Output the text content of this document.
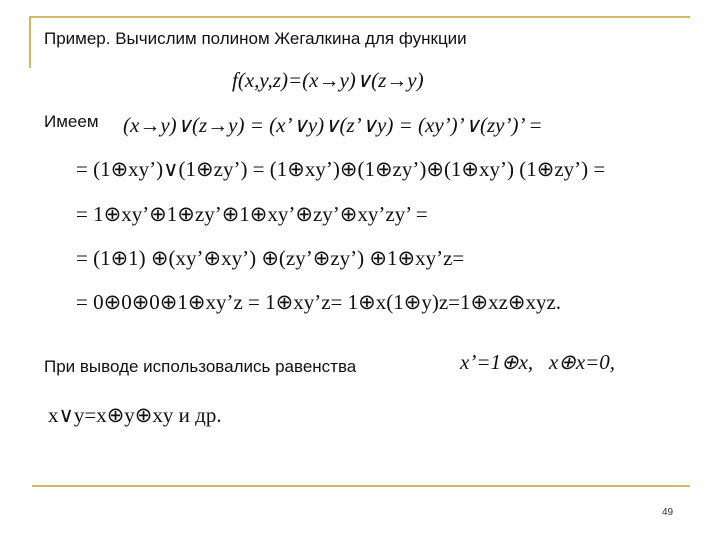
Пример. Вычислим полином Жегалкина для функции
f(x,y,z)=(x→y)∨(z→y)
Имеем (x→y)∨(z→y) = (x’∨y)∨(z’∨y) = (xy’)’∨(zy’)’ =
= (1⊕xy’)∨(1⊕zy’) = (1⊕xy’)⊕(1⊕zy’)⊕(1⊕xy’) (1⊕zy’) =
= 1⊕xy’⊕1⊕zy’⊕1⊕xy’⊕zy’⊕xy’zy’ =
= (1⊕1) ⊕(xy’⊕xy’) ⊕(zy’⊕zy’) ⊕1⊕xy’z=
= 0⊕0⊕0⊕1⊕xy’z = 1⊕xy’z= 1⊕x(1⊕y)z=1⊕xz⊕xyz.
При выводе использовались равенства	x’=1⊕x,   x⊕x=0,
x∨y=x⊕y⊕xy и др.
49
